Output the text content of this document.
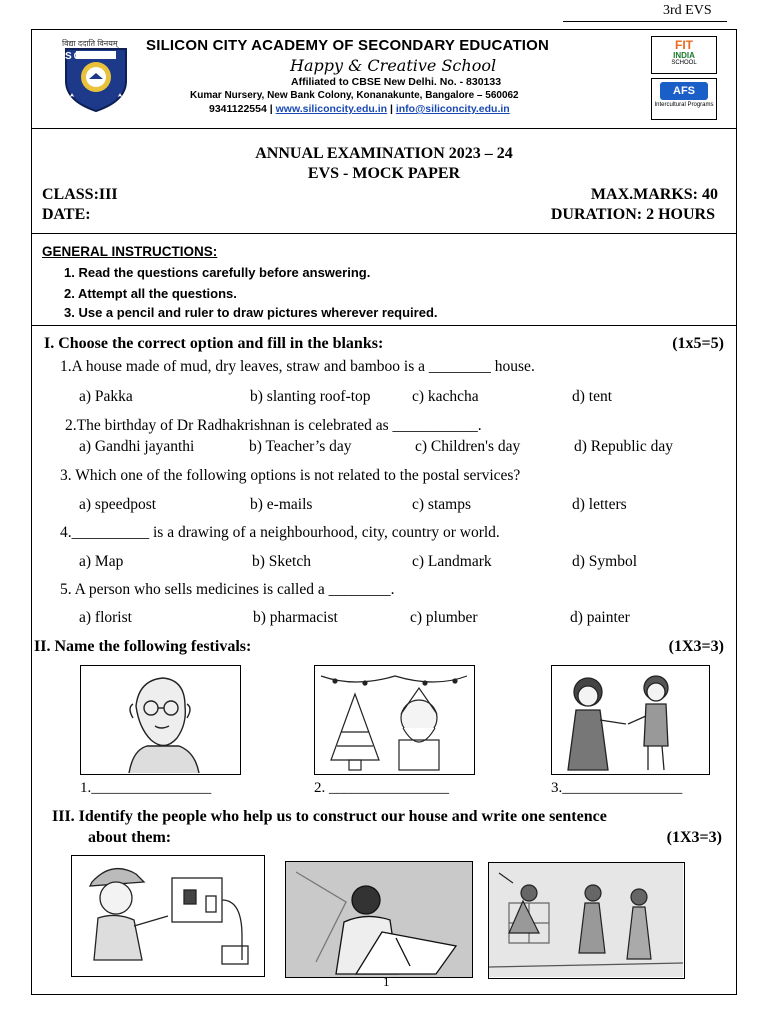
3rd EVS
विद्या ददाति विनयम्
SCASE
SILICON CITY ACADEMY OF SECONDARY EDUCATION
Happy & Creative School
Affiliated to CBSE New Delhi. No. - 830133
Kumar Nursery, New Bank Colony, Konanakunte, Bangalore – 560062
9341122554 | www.siliconcity.edu.in | info@siliconcity.edu.in
FIT
INDIA
SCHOOL
AFS
Intercultural Programs
ANNUAL EXAMINATION 2023 – 24
EVS - MOCK PAPER
CLASS:III	MAX.MARKS: 40
DATE:	DURATION: 2 HOURS
GENERAL INSTRUCTIONS:
1. Read the questions carefully before answering.
2. Attempt all the questions.
3. Use a pencil and ruler to draw pictures wherever required.
I. Choose the correct option and fill in the blanks:	(1x5=5)
1.A house made of mud, dry leaves, straw and bamboo is a ________ house.
a) Pakka	b) slanting roof-top	c) kachcha	d) tent
2.The birthday of Dr Radhakrishnan is celebrated as ___________.
a) Gandhi jayanthi	b) Teacher’s day	c) Children's day	d) Republic day
3. Which one of the following options is not related to the postal services?
a) speedpost	b) e-mails	c) stamps	d) letters
4.__________ is a drawing of a neighbourhood, city, country or world.
a) Map	b) Sketch	c) Landmark	d) Symbol
5. A person who sells medicines is called a ________.
a) florist	b) pharmacist	c) plumber	d) painter
II. Name the following festivals:	(1X3=3)
1.________________	2. ________________	3.________________
III. Identify the people who help us to construct our house and write one sentence
about them:	(1X3=3)
1
